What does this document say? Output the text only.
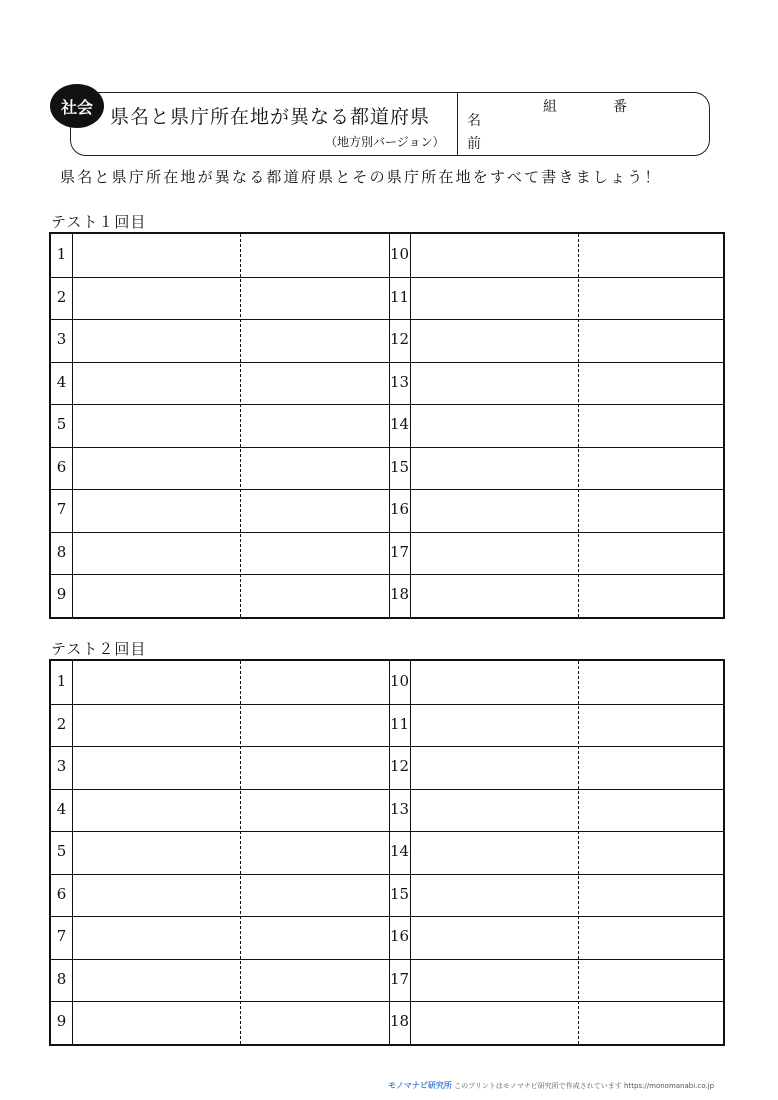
社会 県名と県庁所在地が異なる都道府県
（地方別バージョン）
組	番
名
前
県名と県庁所在地が異なる都道府県とその県庁所在地をすべて書きましょう！
テスト１回目
1	10
2	11
3	12
4	13
5	14
6	15
7	16
8	17
9	18
テスト２回目
1	10
2	11
3	12
4	13
5	14
6	15
7	16
8	17
9	18
モノマナビ研究所 このプリントはモノマナビ研究所で作成されています https://monomanabi.co.jp
